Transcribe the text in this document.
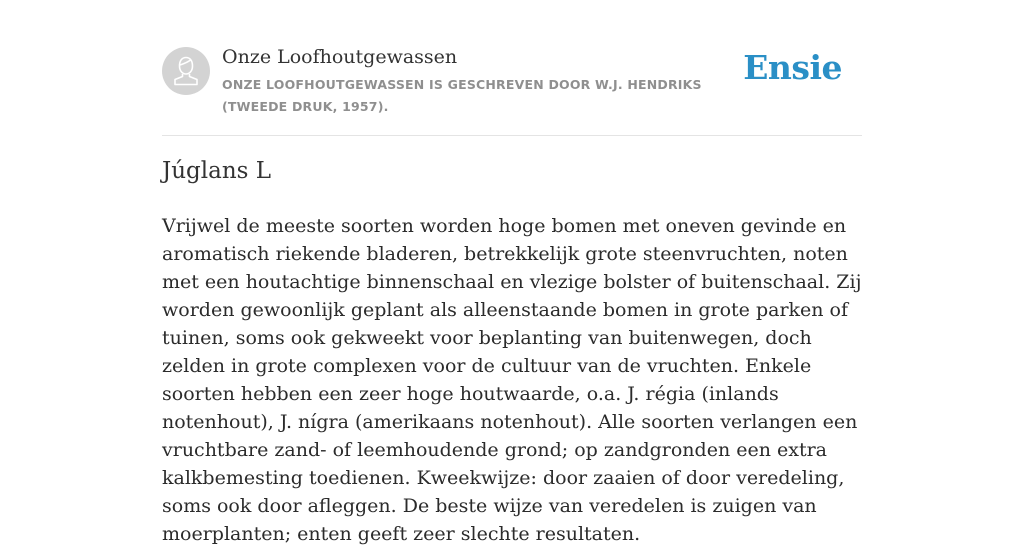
Onze Loofhoutgewassen
ONZE LOOFHOUTGEWASSEN IS GESCHREVEN DOOR W.J. HENDRIKS (TWEEDE DRUK, 1957).
Ensie
Júglans L

Vrijwel de meeste soorten worden hoge bomen met oneven gevinde en aromatisch riekende bladeren, betrekkelijk grote steenvruchten, noten met een houtachtige binnenschaal en vlezige bolster of buitenschaal. Zij worden gewoonlijk geplant als alleenstaande bomen in grote parken of tuinen, soms ook gekweekt voor beplanting van buitenwegen, doch zelden in grote complexen voor de cultuur van de vruchten. Enkele soorten hebben een zeer hoge houtwaarde, o.a. J. régia (inlands notenhout), J. nígra (amerikaans notenhout). Alle soorten verlangen een vruchtbare zand- of leemhoudende grond; op zandgronden een extra kalkbemesting toedienen. Kweekwijze: door zaaien of door veredeling, soms ook door afleggen. De beste wijze van veredelen is zuigen van moerplanten; enten geeft zeer slechte resultaten.
